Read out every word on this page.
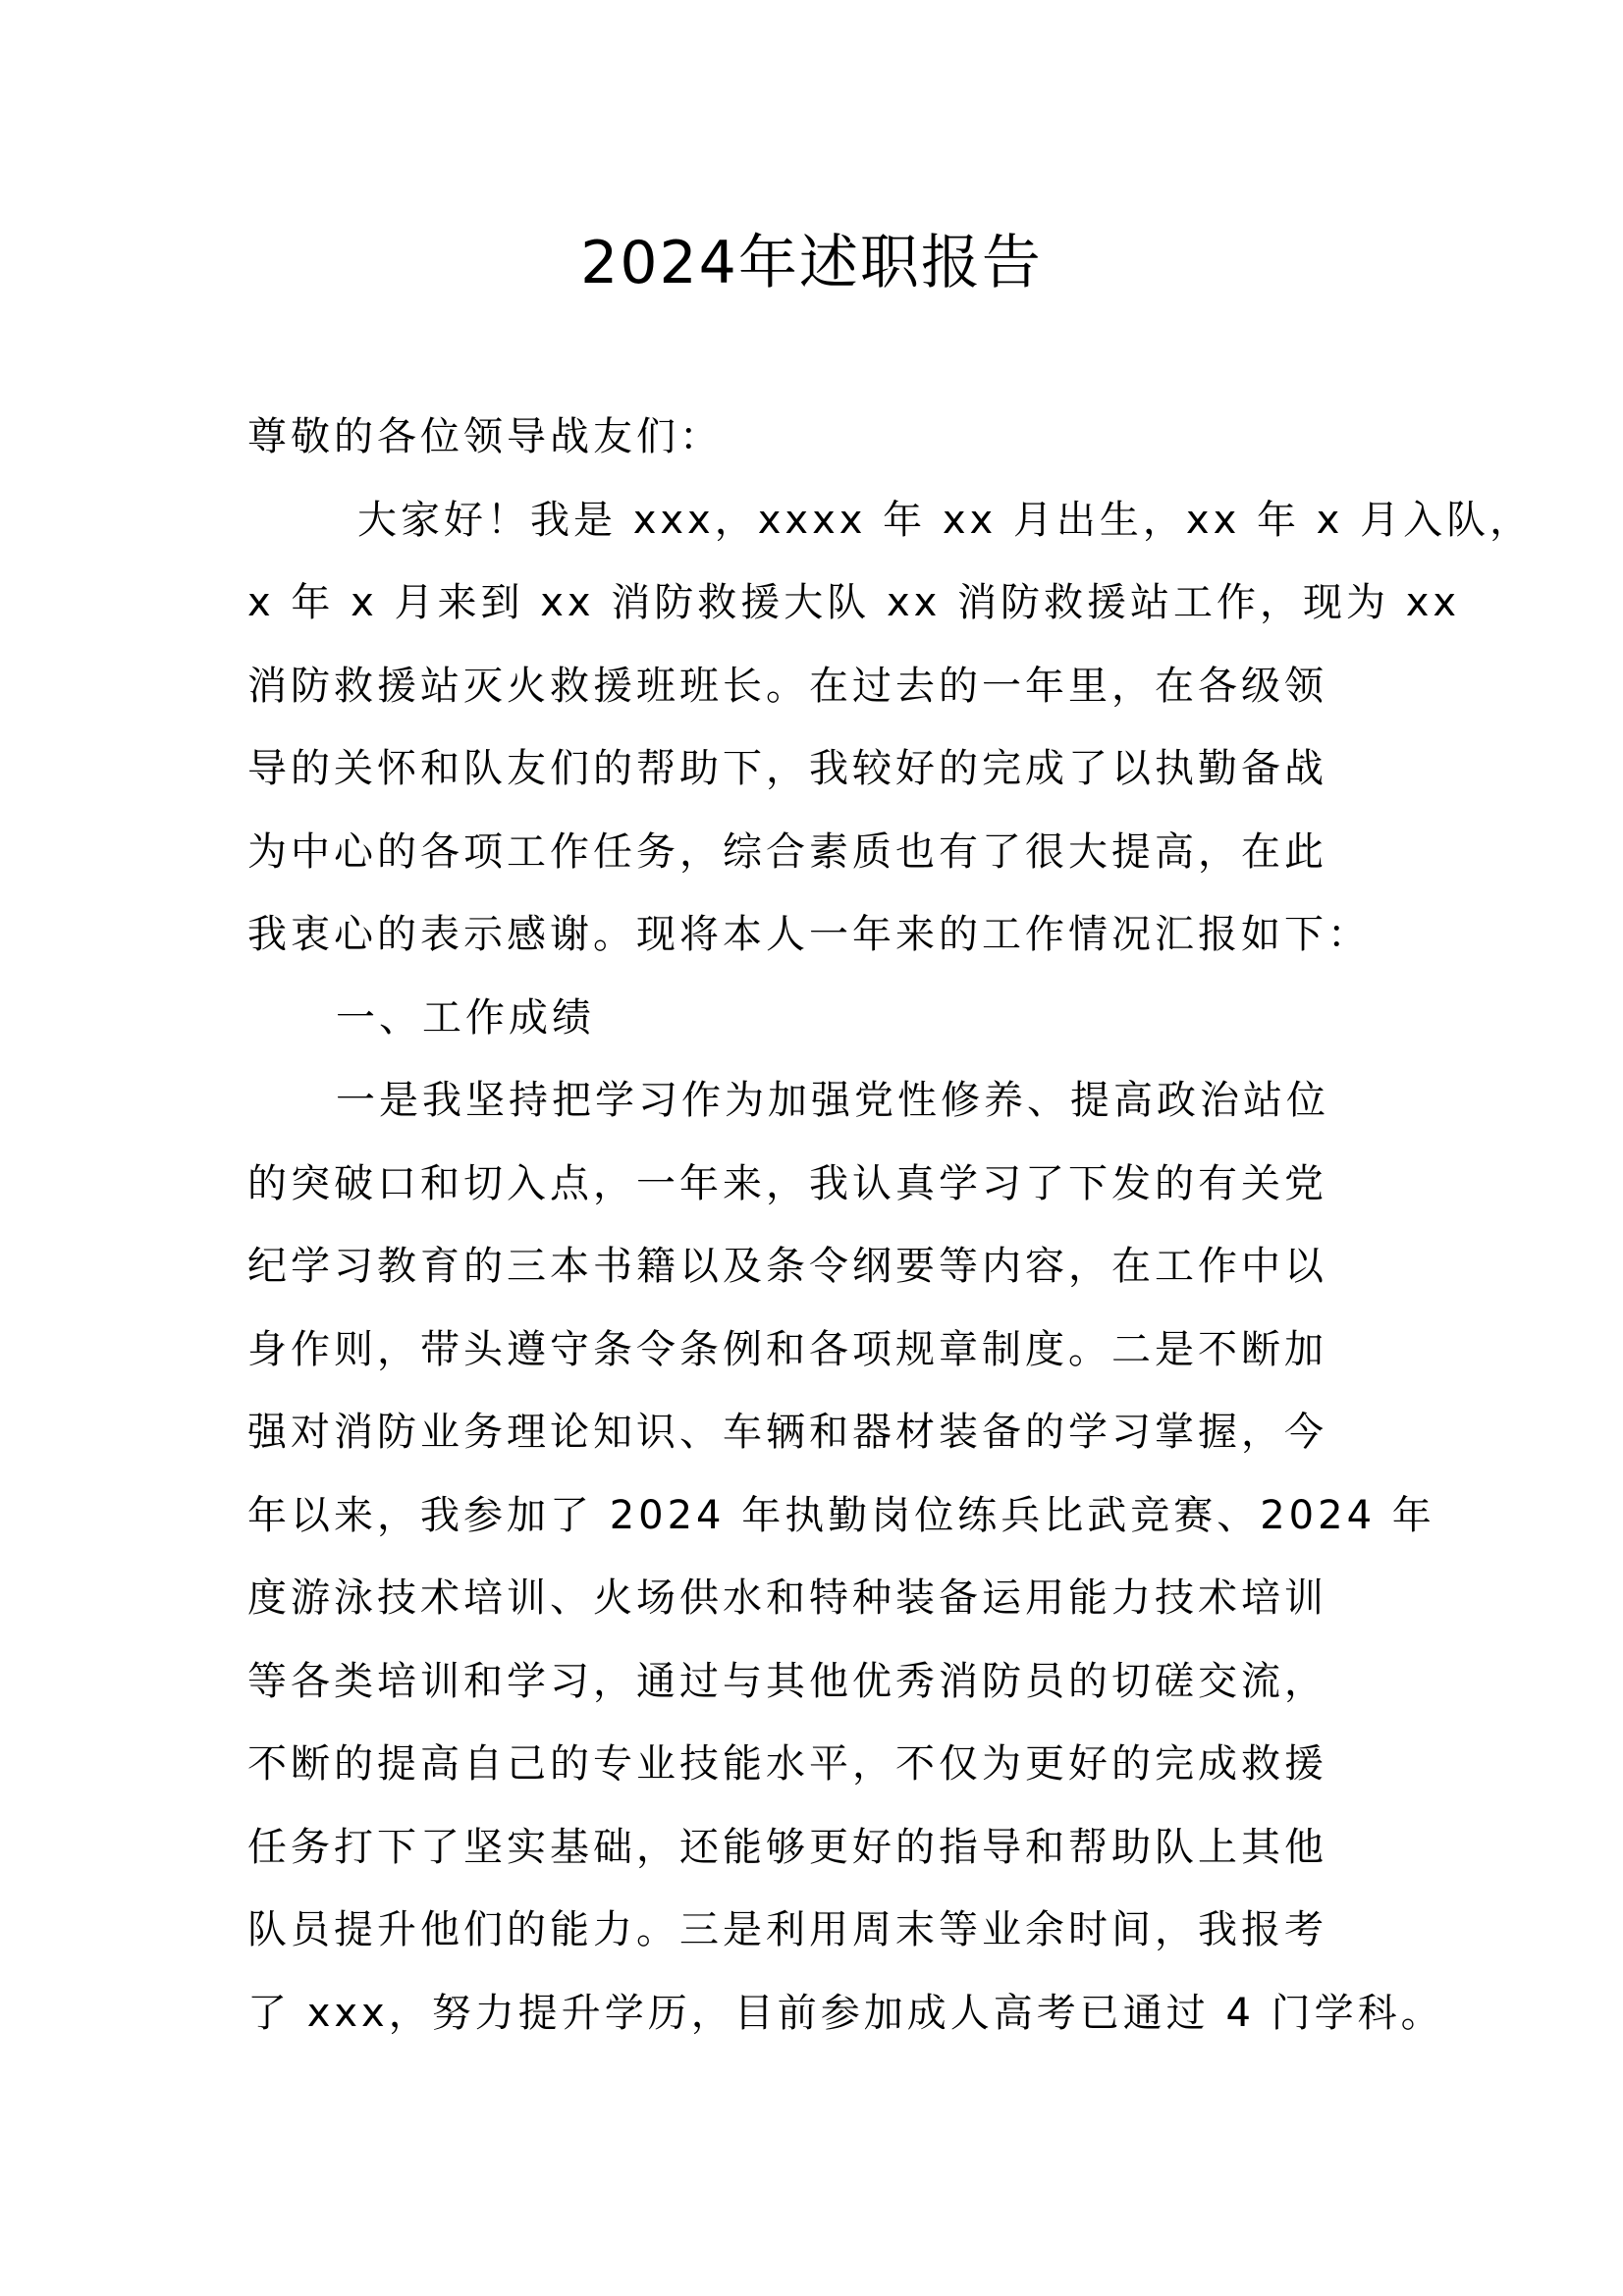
2024年述职报告
尊敬的各位领导战友们：
大家好！我是 xxx，xxxx 年 xx 月出生，xx 年 x 月入队，
x 年 x 月来到 xx 消防救援大队 xx 消防救援站工作，现为 xx
消防救援站灭火救援班班长。在过去的一年里，在各级领
导的关怀和队友们的帮助下，我较好的完成了以执勤备战
为中心的各项工作任务，综合素质也有了很大提高，在此
我衷心的表示感谢。现将本人一年来的工作情况汇报如下：
一、工作成绩
一是我坚持把学习作为加强党性修养、提高政治站位
的突破口和切入点，一年来，我认真学习了下发的有关党
纪学习教育的三本书籍以及条令纲要等内容，在工作中以
身作则，带头遵守条令条例和各项规章制度。二是不断加
强对消防业务理论知识、车辆和器材装备的学习掌握，今
年以来，我参加了 2024 年执勤岗位练兵比武竞赛、2024 年
度游泳技术培训、火场供水和特种装备运用能力技术培训
等各类培训和学习，通过与其他优秀消防员的切磋交流，
不断的提高自己的专业技能水平，不仅为更好的完成救援
任务打下了坚实基础，还能够更好的指导和帮助队上其他
队员提升他们的能力。三是利用周末等业余时间，我报考
了 xxx，努力提升学历，目前参加成人高考已通过 4 门学科。
